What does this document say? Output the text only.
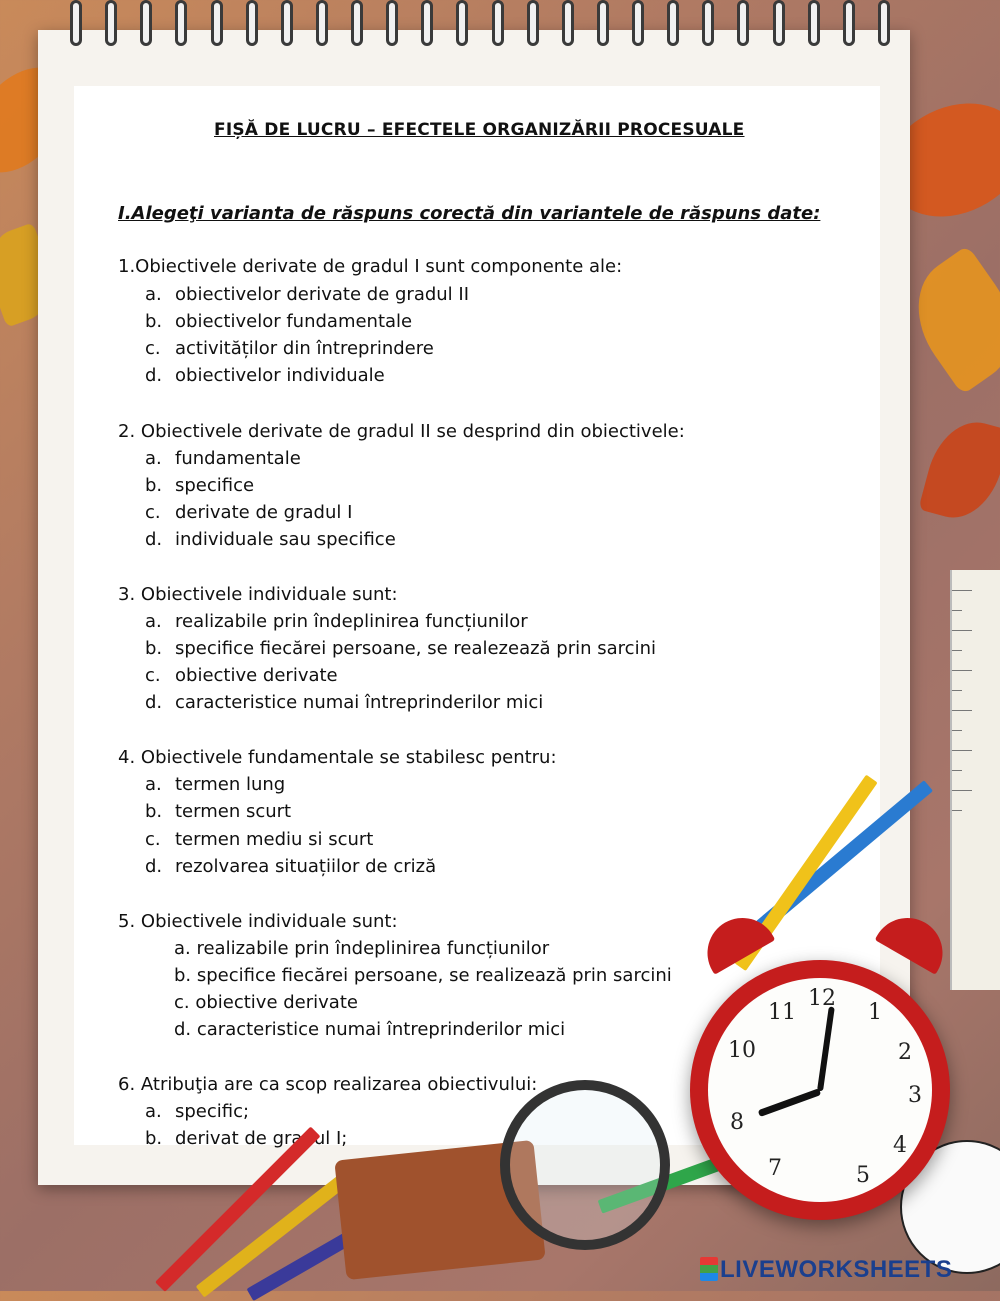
FIȘĂ DE LUCRU – EFECTELE ORGANIZĂRII PROCESUALE
I.Alegeţi varianta de răspuns corectă din variantele de răspuns date:
1.Obiectivele derivate de gradul I sunt componente ale:
a. obiectivelor derivate de gradul II
b. obiectivelor fundamentale
c. activităților din întreprindere
d. obiectivelor individuale
2. Obiectivele derivate de gradul II se desprind din obiectivele:
a. fundamentale
b. specifice
c. derivate de gradul I
d. individuale sau specifice
3. Obiectivele individuale sunt:
a. realizabile prin îndeplinirea funcțiunilor
b. specifice fiecărei persoane, se realezează prin sarcini
c. obiective derivate
d. caracteristice numai întreprinderilor mici
4. Obiectivele fundamentale se stabilesc pentru:
a. termen lung
b. termen scurt
c. termen mediu si scurt
d. rezolvarea situațiilor de criză
5. Obiectivele individuale sunt:
a. realizabile prin îndeplinirea funcțiunilor
b. specifice fiecărei persoane, se realizează prin sarcini
c. obiective derivate
d. caracteristice numai întreprinderilor mici
6. Atribuţia are ca scop realizarea obiectivului:
a. specific;
b. derivat de gradul I;
11
12
1
2
3
4
5
7
8
10
LIVEWORKSHEETS
